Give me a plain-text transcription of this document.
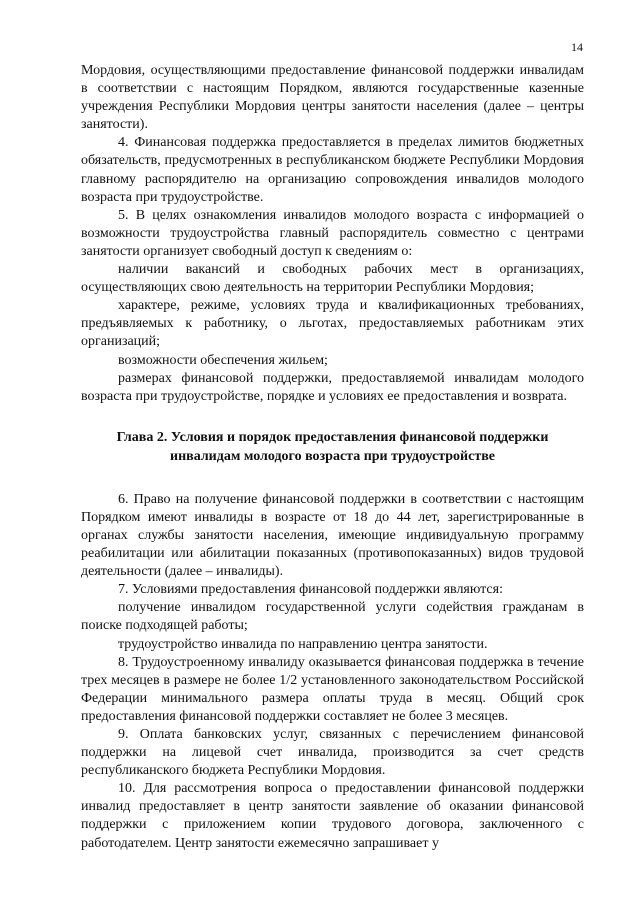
14

Мордовия, осуществляющими предоставление финансовой поддержки инвалидам в соответствии с настоящим Порядком, являются государственные казенные учреждения Республики Мордовия центры занятости населения (далее – центры занятости).

4. Финансовая поддержка предоставляется в пределах лимитов бюджетных обязательств, предусмотренных в республиканском бюджете Республики Мордовия главному распорядителю на организацию сопровождения инвалидов молодого возраста при трудоустройстве.

5. В целях ознакомления инвалидов молодого возраста с информацией о возможности трудоустройства главный распорядитель совместно с центрами занятости организует свободный доступ к сведениям о:

наличии вакансий и свободных рабочих мест в организациях, осуществляющих свою деятельность на территории Республики Мордовия;

характере, режиме, условиях труда и квалификационных требованиях, предъявляемых к работнику, о льготах, предоставляемых работникам этих организаций;

возможности обеспечения жильем;

размерах финансовой поддержки, предоставляемой инвалидам молодого возраста при трудоустройстве, порядке и условиях ее предоставления и возврата.

Глава 2. Условия и порядок предоставления финансовой поддержки
инвалидам молодого возраста при трудоустройстве

6. Право на получение финансовой поддержки в соответствии с настоящим Порядком имеют инвалиды в возрасте от 18 до 44 лет, зарегистрированные в органах службы занятости населения, имеющие индивидуальную программу реабилитации или абилитации показанных (противопоказанных) видов трудовой деятельности (далее – инвалиды).

7. Условиями предоставления финансовой поддержки являются:

получение инвалидом государственной услуги содействия гражданам в поиске подходящей работы;

трудоустройство инвалида по направлению центра занятости.

8. Трудоустроенному инвалиду оказывается финансовая поддержка в течение трех месяцев в размере не более 1/2 установленного законодательством Российской Федерации минимального размера оплаты труда в месяц. Общий срок предоставления финансовой поддержки составляет не более 3 месяцев.

9. Оплата банковских услуг, связанных с перечислением финансовой поддержки на лицевой счет инвалида, производится за счет средств республиканского бюджета Республики Мордовия.

10. Для рассмотрения вопроса о предоставлении финансовой поддержки инвалид предоставляет в центр занятости заявление об оказании финансовой поддержки с приложением копии трудового договора, заключенного с работодателем. Центр занятости ежемесячно запрашивает у
